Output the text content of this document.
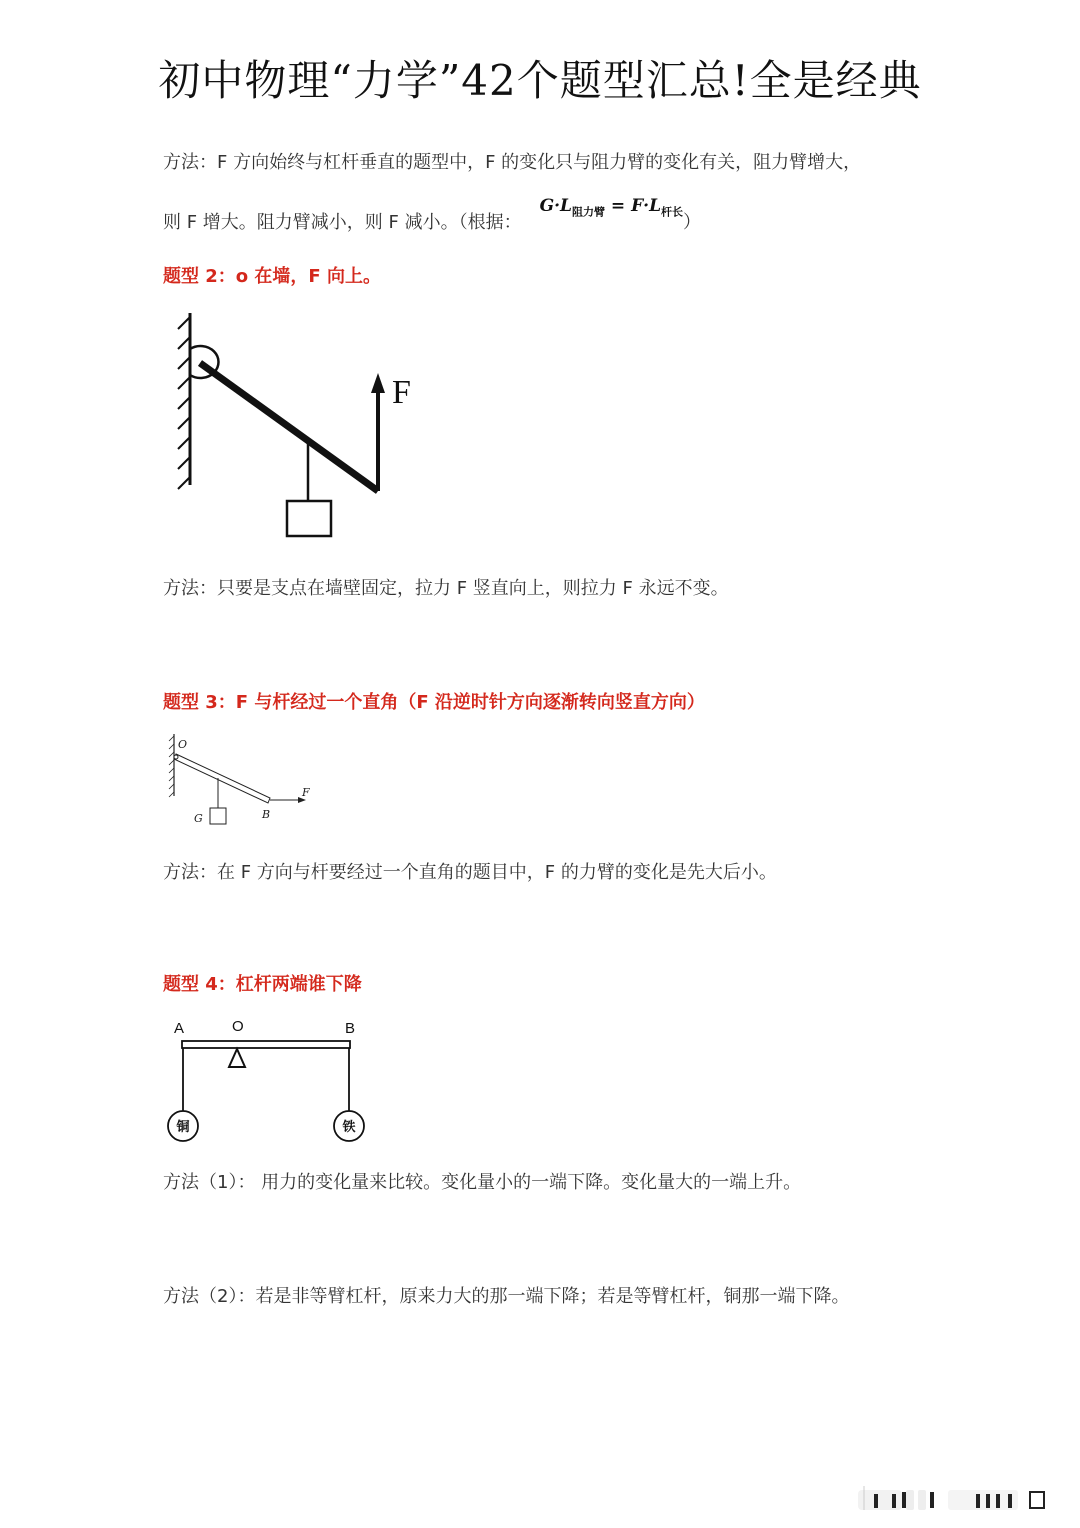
初中物理“力学”42个题型汇总!全是经典
方法：F 方向始终与杠杆垂直的题型中，F 的变化只与阻力臂的变化有关，阻力臂增大，
则 F 增大。阻力臂减小，则 F 减小。（根据：
$G\cdot L_{阻力臂} = F\cdot L_{杆长}$
）
题型 2：o 在墙，F 向上。
F
方法：只要是支点在墙壁固定，拉力 F 竖直向上，则拉力 F 永远不变。
题型 3：F 与杆经过一个直角（F 沿逆时针方向逐渐转向竖直方向）
O
G	B
F
方法：在 F 方向与杆要经过一个直角的题目中，F 的力臂的变化是先大后小。
题型 4：杠杆两端谁下降
A	O	B
铜	铁
方法（1）： 用力的变化量来比较。变化量小的一端下降。变化量大的一端上升。
方法（2）：若是非等臂杠杆，原来力大的那一端下降；若是等臂杠杆，铜那一端下降。
